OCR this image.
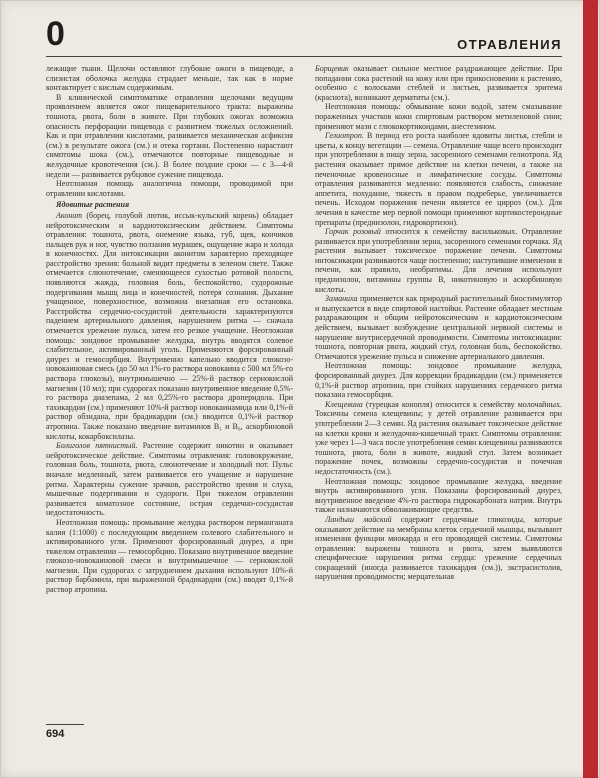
0	ОТРАВЛЕНИЯ

лежащие ткани. Щелочи оставляют глубокие ожоги в пищеводе, а слизистая оболочка желудка страдает меньше, так как в норме контактирует с кислым содержимым.

В клинической симптоматике отравления щелочами ведущим проявлением является ожог пищеварительного тракта: выражены тошнота, рвота, боли в животе. При глубоких ожогах возможна опасность перфорации пищевода с развитием тяжелых осложнений. Как и при отравлении кислотами, развивается механическая асфиксия (см.) в результате ожога (см.) и отека гортани. Постепенно нарастают симптомы шока (см.), отмечаются повторные пищеводные и желудочные кровотечения (см.). В более поздние сроки — с 3—4-й недели — развивается рубцовое сужение пищевода.

Неотложная помощь аналогична помощи, проводимой при отравлении кислотами.

Ядовитые растения

Аконит (борец, голубой лютик, иссык-кульский корень) обладает нейротоксическим и кардиотоксическим действием. Симптомы отравления: тошнота, рвота, онемение языка, губ, щек, кончиков пальцев рук и ног, чувство ползания мурашек, ощущение жара и холода в конечностях. Для интоксикации аконитом характерно преходящее расстройство зрения: больной видит предметы в зеленом свете. Также отмечается слюнотечение, сменяющееся сухостью ротовой полости, появляются жажда, головная боль, беспокойство, судорожные подергивания мышц лица и конечностей, потеря сознания. Дыхание учащенное, поверхностное, возможна внезапная его остановка. Расстройства сердечно-сосудистой деятельности характеризуются падением артериального давления, нарушением ритма — сначала отмечается урежение пульса, затем его резкое учащение. Неотложная помощь: зондовое промывание желудка, внутрь вводятся солевое слабительное, активированный уголь. Применяются форсированный диурез и гемосорбция. Внутривенно капельно вводится глюкозо-новокаиновая смесь (до 50 мл 1%-го раствора новокаина с 500 мл 5%-го раствора глюкозы), внутримышечно — 25%-й раствор сернокислой магнезии (10 мл); при судорогах показано внутривенное введение 0,5%-го раствора диазепама, 2 мл 0,25%-го раствора дроперидола. При тахикардии (см.) применяют 10%-й раствор новокаинамида или 0,1%-й раствор обзидана, при брадикардии (см.) вводится 0,1%-й раствор атропина. Также показано введение витаминов В₁ и В₆, аскорбиновой кислоты, кокарбоксилазы.

Болиголов пятнистый. Растение содержит никотин и оказывает нейротоксическое действие. Симптомы отравления: головокружение, головная боль, тошнота, рвота, слюнотечение и холодный пот. Пульс вначале медленный, затем развивается его учащение и нарушение ритма. Характерны сужение зрачков, расстройство зрения и слуха, мышечные подергивания и судороги. При тяжелом отравлении развивается коматозное состояние, острая сердечно-сосудистая недостаточность.

Неотложная помощь: промывание желудка раствором перманганата калия (1:1000) с последующим введением солевого слабительного и активированного угля. Применяют форсированный диурез, а при тяжелом отравлении — гемосорбцию. Показано внутривенное введение глюкозо-новокаиновой смеси и внутримышечное — сернокислой магнезии. При судорогах с затруднением дыхания используют 10%-й раствор барбамила, при выраженной брадикардии (см.) вводят 0,1%-й раствор атропина.

Борщевик оказывает сильное местное раздражающее действие. При попадании сока растений на кожу или при прикосновении к растению, особенно с волосками стеблей и листьев, развивается эритема (краснота), возникают дерматиты (см.).

Неотложная помощь: обмывание кожи водой, затем смазывание пораженных участков кожи спиртовым раствором метиленовой сини; применяют мази с глюкокортикоидами, анестезином.

Гелиотроп. В период его роста наиболее ядовиты листья, стебли и цветы, к концу вегетации — семена. Отравление чаще всего происходит при употреблении в пищу зерна, засоренного семенами гелиотропа. Яд растения оказывает прямое действие на клетки печени, а также на печеночные кровеносные и лимфатические сосуды. Симптомы отравления развиваются медленно: появляются слабость, снижение аппетита, похудание, тяжесть в правом подреберье, увеличивается печень. Исходом поражения печени является ее цирроз (см.). Для лечения в качестве мер первой помощи применяют кортикостероидные препараты (преднизолон, гидрокортизон).

Горчак розовый относится к семейству васильковых. Отравление развивается при употреблении зерна, засоренного семенами горчака. Яд растения вызывает токсическое поражение печени. Симптомы интоксикации развиваются чаще постепенно; наступившие изменения в печени, как правило, необратимы. Для лечения используют преднизолон, витамины группы В, никотиновую и аскорбиновую кислоты.

Заманиха применяется как природный растительный биостимулятор и выпускается в виде спиртовой настойки. Растение обладает местным раздражающим и общим нейротоксическим и кардиотоксическим действием, вызывает возбуждение центральной нервной системы и нарушение внутрисердечной проводимости. Симптомы интоксикации: тошнота, повторная рвота, жидкий стул, головная боль, беспокойство. Отмечаются урежение пульса и снижение артериального давления.

Неотложная помощь: зондовое промывание желудка, форсированный диурез. Для коррекции брадикардии (см.) применяется 0,1%-й раствор атропина, при стойких нарушениях сердечного ритма показана гемосорбция.

Клещевина (турецкая конопля) относится к семейству молочайных. Токсичны семена клещевины; у детей отравление развивается при употреблении 2—3 семян. Яд растения оказывает токсическое действие на клетки крови и желудочно-кишечный тракт. Симптомы отравления: уже через 1—3 часа после употребления семян клещевины развиваются тошнота, рвота, боли в животе, жидкий стул. Затем возникает поражение почек, возможны сердечно-сосудистая и почечная недостаточность (см.).

Неотложная помощь: зондовое промывание желудка, введение внутрь активированного угля. Показаны форсированный диурез, внутривенное введение 4%-го раствора гидрокарбоната натрия. Внутрь также назначаются обволакивающие средства.

Ландыш майский содержит сердечные гликозиды, которые оказывают действие на мембраны клеток сердечной мышцы, вызывают изменения функции миокарда и его проводящей системы. Симптомы отравления: выражены тошнота и рвота, затем выявляются специфические нарушения ритма сердца: урежение сердечных сокращений (иногда развивается тахикардия (см.)), экстрасистолия, нарушения проводимости; мерцательная

694
